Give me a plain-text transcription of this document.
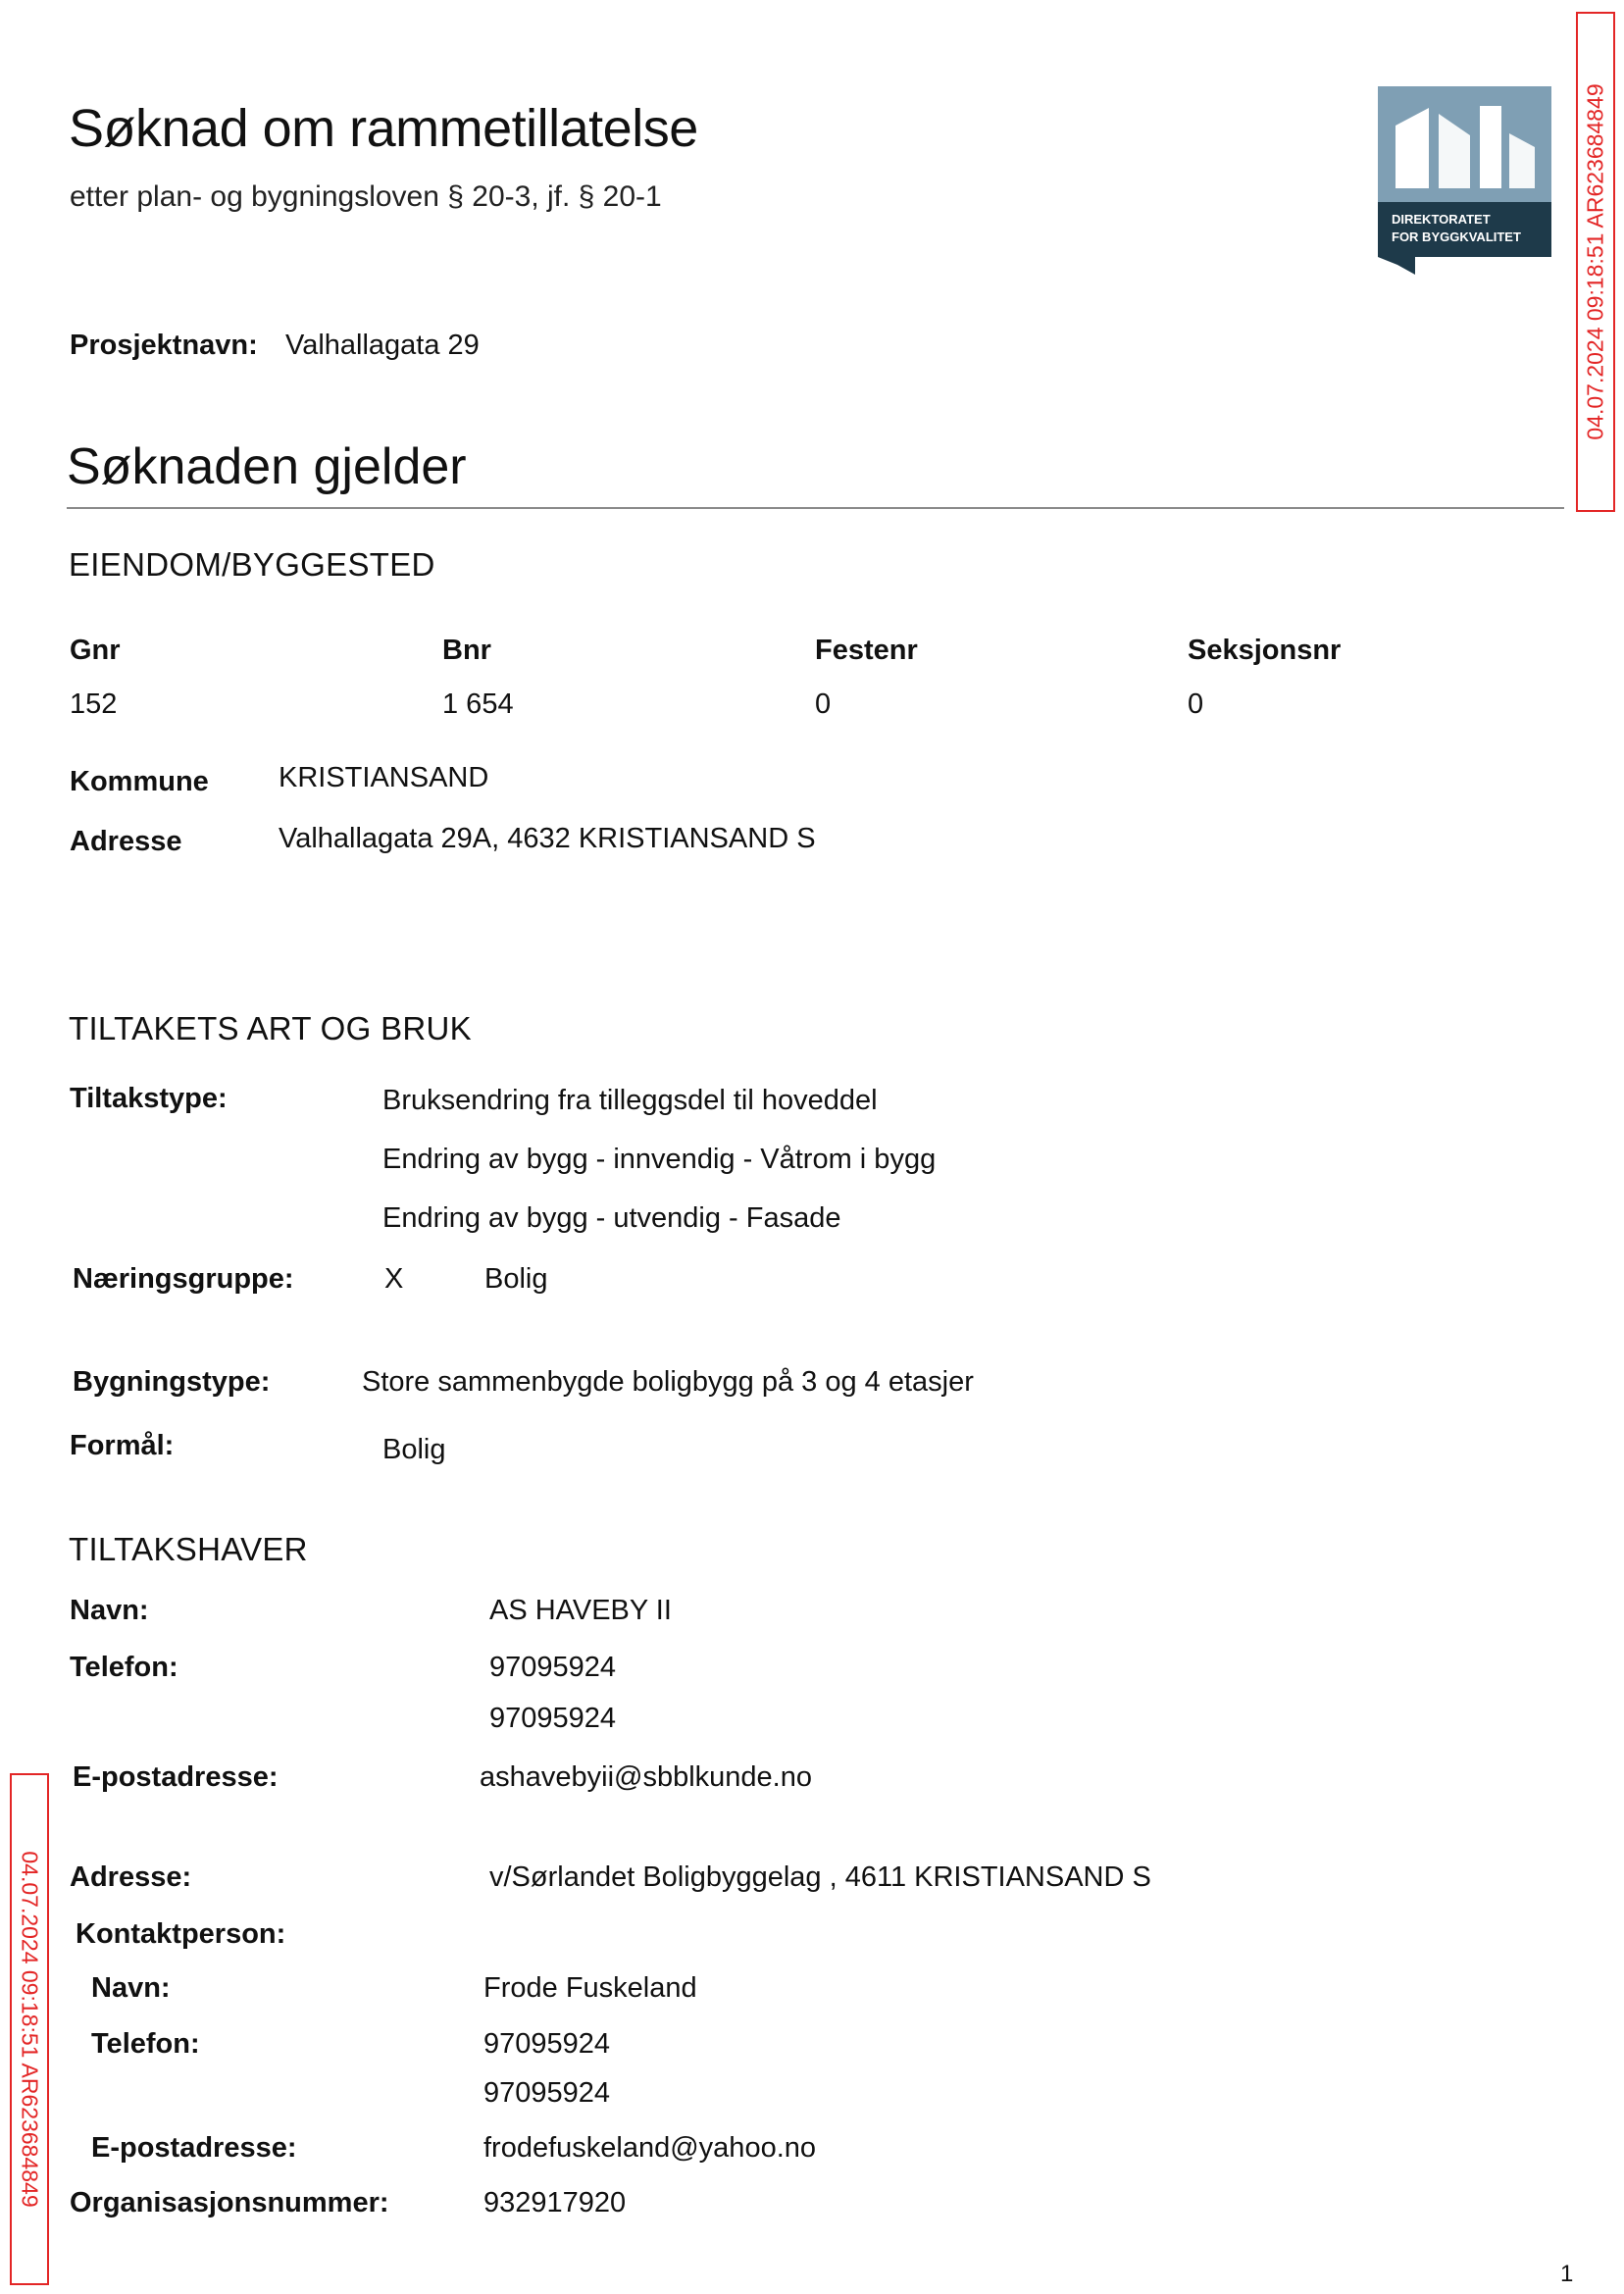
Søknad om rammetillatelse
etter plan- og bygningsloven § 20-3, jf. § 20-1
DIREKTORATET
FOR BYGGKVALITET	04.07.2024 09:18:51 AR623684849
04.07.2024 09:18:51 AR623684849
Prosjektnavn: Valhallagata 29
Søknaden gjelder
EIENDOM/BYGGESTED
Gnr	Bnr	Festenr	Seksjonsnr
152	1 654	0	0
Kommune KRISTIANSAND
Adresse	Valhallagata 29A, 4632 KRISTIANSAND S
TILTAKETS ART OG BRUK
Tiltakstype:	Bruksendring fra tilleggsdel til hoveddel
Endring av bygg - innvendig - Våtrom i bygg
Endring av bygg - utvendig - Fasade
Næringsgruppe:	X	Bolig
Bygningstype:	Store sammenbygde boligbygg på 3 og 4 etasjer
Formål:	Bolig
TILTAKSHAVER
Navn:	AS HAVEBY II
Telefon:	97095924
97095924
E-postadresse:	ashavebyii@sbblkunde.no
Adresse:	v/Sørlandet Boligbyggelag , 4611 KRISTIANSAND S
Kontaktperson:
Navn:	Frode Fuskeland
Telefon:	97095924
97095924
E-postadresse:	frodefuskeland@yahoo.no
Organisasjonsnummer:	932917920
1
